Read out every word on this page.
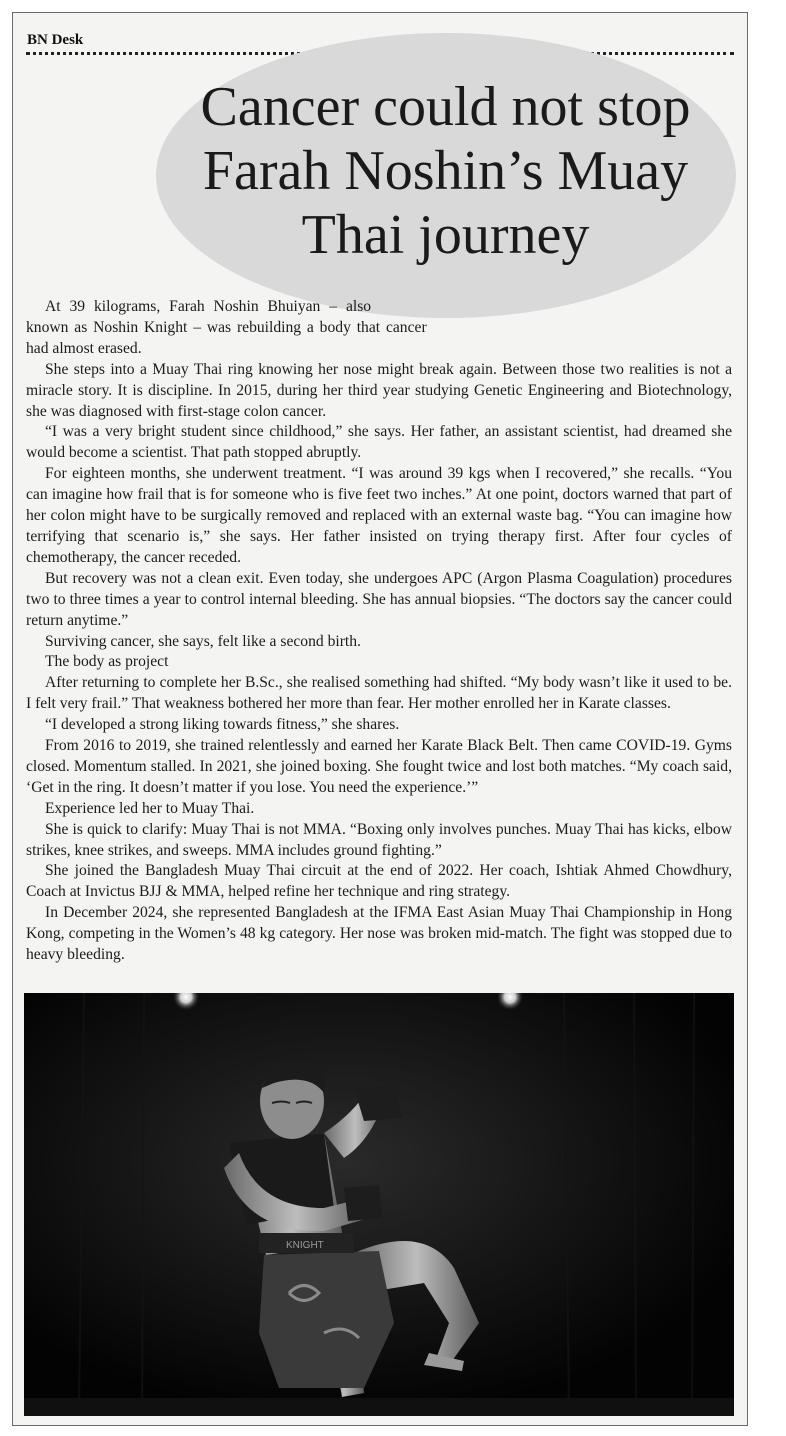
BN Desk
Cancer could not stop Farah Noshin’s Muay Thai journey

At 39 kilograms, Farah Noshin Bhuiyan – also known as Noshin Knight – was rebuilding a body that cancer had almost erased.

She steps into a Muay Thai ring knowing her nose might break again. Between those two realities is not a miracle story. It is discipline. In 2015, during her third year studying Genetic Engineering and Biotechnology, she was diagnosed with first-stage colon cancer.

“I was a very bright student since childhood,” she says. Her father, an assistant scientist, had dreamed she would become a scientist. That path stopped abruptly.

For eighteen months, she underwent treatment. “I was around 39 kgs when I recovered,” she recalls. “You can imagine how frail that is for someone who is five feet two inches.” At one point, doctors warned that part of her colon might have to be surgically removed and replaced with an external waste bag. “You can imagine how terrifying that scenario is,” she says. Her father insisted on trying therapy first. After four cycles of chemotherapy, the cancer receded.

But recovery was not a clean exit. Even today, she undergoes APC (Argon Plasma Coagulation) procedures two to three times a year to control internal bleeding. She has annual biopsies. “The doctors say the cancer could return anytime.”

Surviving cancer, she says, felt like a second birth.

The body as project

After returning to complete her B.Sc., she realised something had shifted. “My body wasn’t like it used to be. I felt very frail.” That weakness bothered her more than fear. Her mother enrolled her in Karate classes.

“I developed a strong liking towards fitness,” she shares.

From 2016 to 2019, she trained relentlessly and earned her Karate Black Belt. Then came COVID-19. Gyms closed. Momentum stalled. In 2021, she joined boxing. She fought twice and lost both matches. “My coach said, ‘Get in the ring. It doesn’t matter if you lose. You need the experience.’”

Experience led her to Muay Thai.

She is quick to clarify: Muay Thai is not MMA. “Boxing only involves punches. Muay Thai has kicks, elbow strikes, knee strikes, and sweeps. MMA includes ground fighting.”

She joined the Bangladesh Muay Thai circuit at the end of 2022. Her coach, Ishtiak Ahmed Chowdhury, Coach at Invictus BJJ & MMA, helped refine her technique and ring strategy.

In December 2024, she represented Bangladesh at the IFMA East Asian Muay Thai Championship in Hong Kong, competing in the Women’s 48 kg category. Her nose was broken mid-match. The fight was stopped due to heavy bleeding.

KNIGHT
